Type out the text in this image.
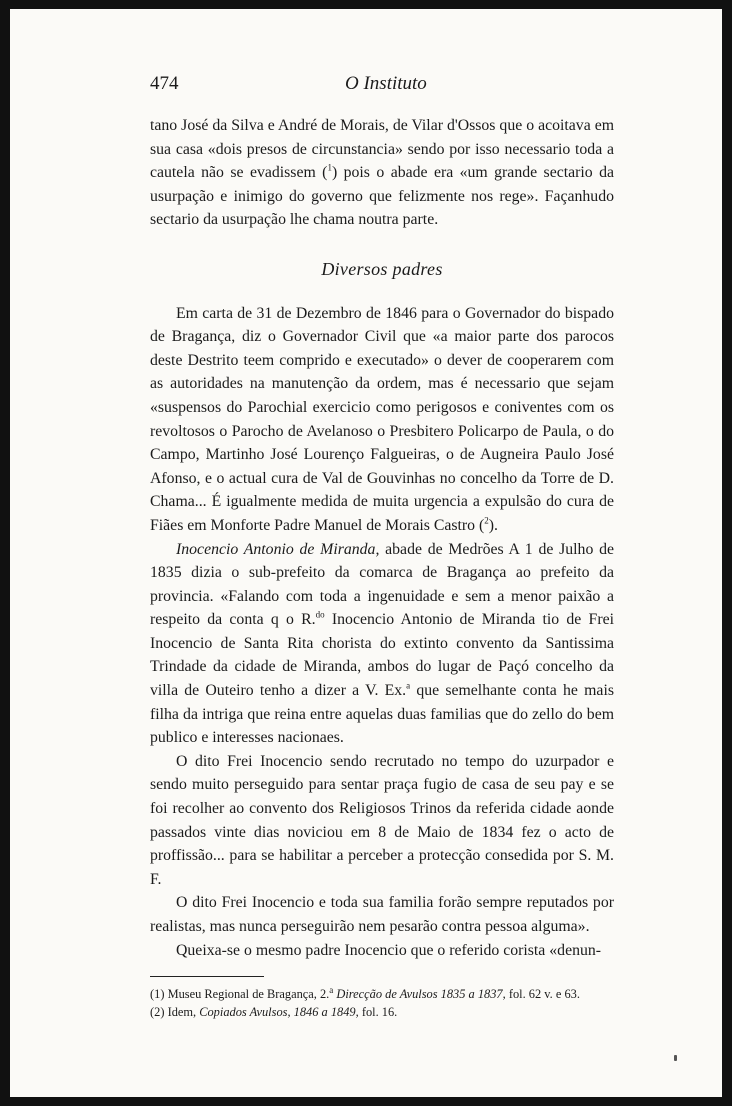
474	O Instituto

tano José da Silva e André de Morais, de Vilar d'Ossos que o acoitava em sua casa «dois presos de circunstancia» sendo por isso necessario toda a cautela não se evadissem ($^1$) pois o abade era «um grande sectario da usurpação e inimigo do governo que felizmente nos rege». Façanhudo sectario da usurpação lhe chama noutra parte.

Diversos padres

Em carta de 31 de Dezembro de 1846 para o Governador do bispado de Bragança, diz o Governador Civil que «a maior parte dos parocos deste Destrito teem comprido e executado» o dever de cooperarem com as autoridades na manutenção da ordem, mas é necessario que sejam «suspensos do Parochial exercicio como perigosos e coniventes com os revoltosos o Parocho de Avelanoso o Presbitero Policarpo de Paula, o do Campo, Martinho José Lourenço Falgueiras, o de Augneira Paulo José Afonso, e o actual cura de Val de Gouvinhas no concelho da Torre de D. Chama... É igualmente medida de muita urgencia a expulsão do cura de Fiães em Monforte Padre Manuel de Morais Castro ($^2$).

Inocencio Antonio de Miranda, abade de Medrões A 1 de Julho de 1835 dizia o sub-prefeito da comarca de Bragança ao prefeito da provincia. «Falando com toda a ingenuidade e sem a menor paixão a respeito da conta q o R.$^{do}$ Inocencio Antonio de Miranda tio de Frei Inocencio de Santa Rita chorista do extinto convento da Santissima Trindade da cidade de Miranda, ambos do lugar de Paçó concelho da villa de Outeiro tenho a dizer a V. Ex.$^a$ que semelhante conta he mais filha da intriga que reina entre aquelas duas familias que do zello do bem publico e interesses nacionaes.

O dito Frei Inocencio sendo recrutado no tempo do uzurpador e sendo muito perseguido para sentar praça fugio de casa de seu pay e se foi recolher ao convento dos Religiosos Trinos da referida cidade aonde passados vinte dias noviciou em 8 de Maio de 1834 fez o acto de proffissão... para se habilitar a perceber a protecção consedida por S. M. F.

O dito Frei Inocencio e toda sua familia forão sempre reputados por realistas, mas nunca perseguirão nem pesarão contra pessoa alguma».

Queixa-se o mesmo padre Inocencio que o referido corista «denun-

(1) Museu Regional de Bragança, 2.$^a$ Direcção de Avulsos 1835 a 1837, fol. 62 v. e 63.

(2) Idem, Copiados Avulsos, 1846 a 1849, fol. 16.
